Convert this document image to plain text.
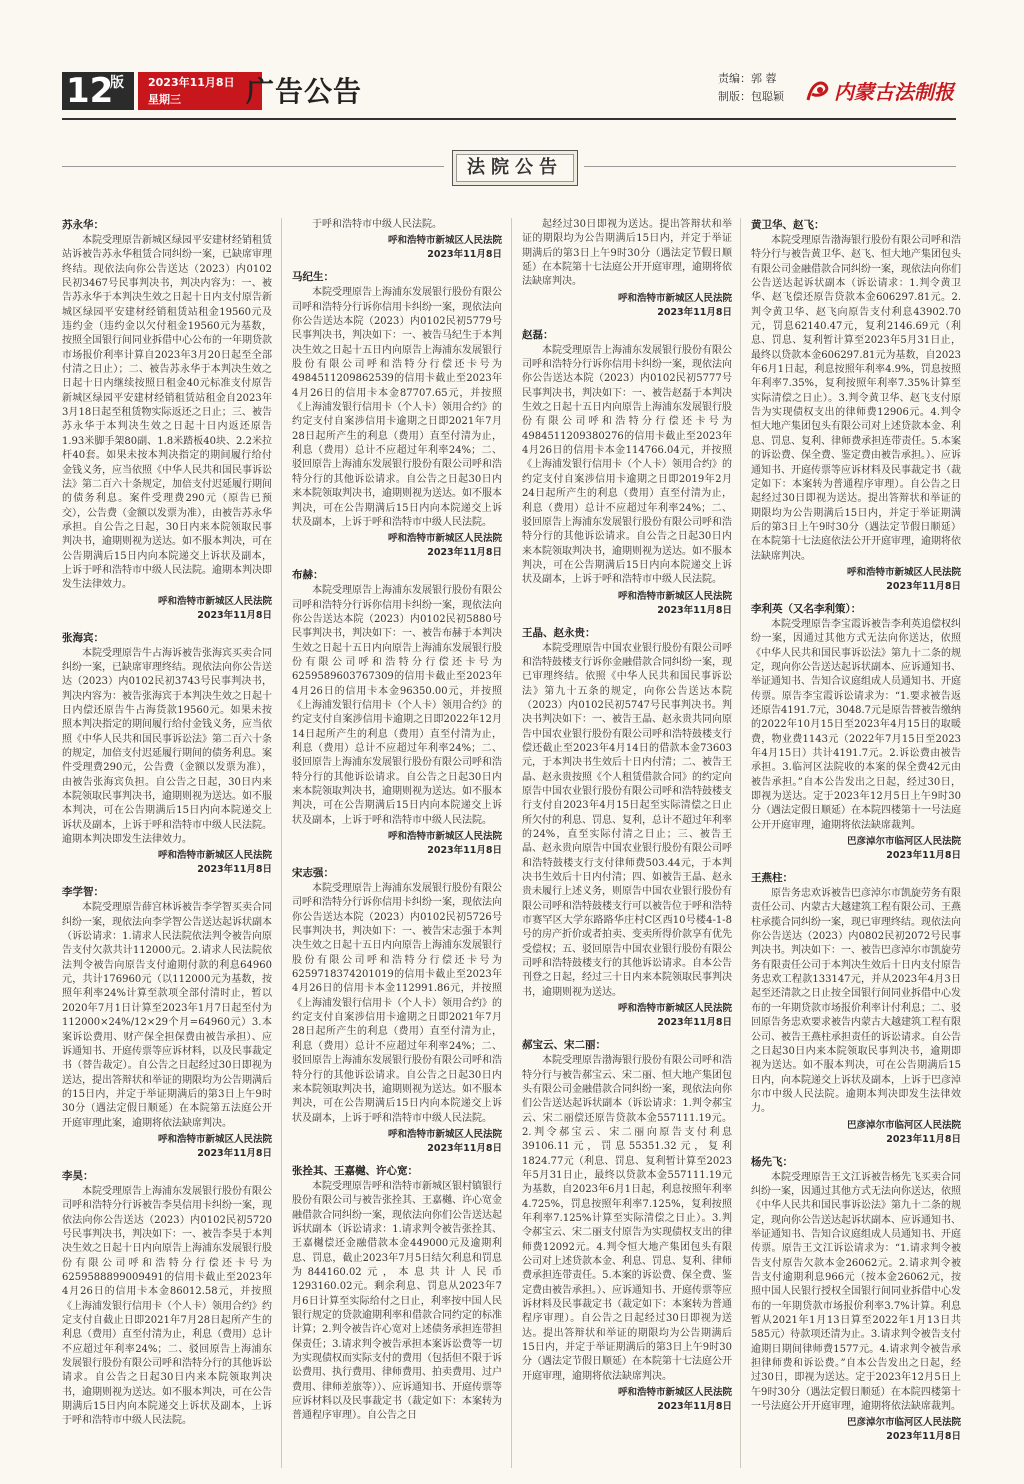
12
版 2023年11月8日
星期三	广告公告	责编：郭 蓉
制版：包聪颖	内蒙古法制报
法院公告

苏永华：

本院受理原告新城区绿园平安建材经销租赁站诉被告苏永华租赁合同纠纷一案，已缺席审理终结。现依法向你公告送达（2023）内0102民初3467号民事判决书，判决内容为：一、被告苏永华于本判决生效之日起十日内支付原告新城区绿园平安建材经销租赁站租金19560元及违约金（违约金以欠付租金19560元为基数，按照全国银行间同业拆借中心公布的一年期贷款市场报价利率计算自2023年3月20日起至全部付清之日止）；二、被告苏永华于本判决生效之日起十日内继续按照日租金40元标准支付原告新城区绿园平安建材经销租赁站租金自2023年3月18日起至租赁物实际返还之日止；三、被告苏永华于本判决生效之日起十日内返还原告1.93米脚手架80副、1.8米踏板40块、2.2米拉杆40套。如果未按本判决指定的期间履行给付金钱义务，应当依照《中华人民共和国民事诉讼法》第二百六十条规定，加倍支付迟延履行期间的债务利息。案件受理费290元（原告已预交），公告费（金额以发票为准），由被告苏永华承担。自公告之日起，30日内来本院领取民事判决书，逾期则视为送达。如不服本判决，可在公告期满后15日内向本院递交上诉状及副本，上诉于呼和浩特市中级人民法院。逾期本判决即发生法律效力。

呼和浩特市新城区人民法院

2023年11月8日

张海宾：

本院受理原告牛占海诉被告张海宾买卖合同纠纷一案，已缺席审理终结。现依法向你公告送达（2023）内0102民初3743号民事判决书，判决内容为：被告张海宾于本判决生效之日起十日内偿还原告牛占海货款19560元。如果未按照本判决指定的期间履行给付金钱义务，应当依照《中华人民共和国民事诉讼法》第二百六十条的规定，加倍支付迟延履行期间的债务利息。案件受理费290元，公告费（金额以发票为准），由被告张海宾负担。自公告之日起，30日内来本院领取民事判决书，逾期则视为送达。如不服本判决，可在公告期满后15日内向本院递交上诉状及副本，上诉于呼和浩特市中级人民法院。逾期本判决即发生法律效力。

呼和浩特市新城区人民法院

2023年11月8日

李学智：

本院受理原告薛宫林诉被告李学智买卖合同纠纷一案，现依法向李学智公告送达起诉状副本（诉讼请求：1.请求人民法院依法判令被告向原告支付欠款共计112000元。2.请求人民法院依法判令被告向原告支付逾期付款的利息64960元，共计176960元（以112000元为基数，按照年利率24%计算至款项全部付清时止，暂以2020年7月1日计算至2023年1月7日起至付为112000×24%/12×29个月=64960元）3.本案诉讼费用、财产保全担保费由被告承担）、应诉通知书、开庭传票等应诉材料，以及民事裁定书（替告裁定）。自公告之日起经过30日即视为送达，提出答辩状和举证的期限均为公告期满后的15日内，并定于举证期满后的第3日上午9时30分（遇法定假日顺延）在本院第五法庭公开开庭审理此案，逾期将依法缺席判决。

呼和浩特市新城区人民法院

2023年11月8日

李昊：

本院受理原告上海浦东发展银行股份有限公司呼和浩特分行诉被告李昊信用卡纠纷一案，现依法向你公告送达（2023）内0102民初5720号民事判决书，判决如下：一、被告李昊于本判决生效之日起十日内向原告上海浦东发展银行股份有限公司呼和浩特分行偿还卡号为6259588899009491的信用卡截止至2023年4月26日的信用卡本金86012.58元，并按照《上海浦发银行信用卡（个人卡）领用合约》约定支付自截止日即2021年7月28日起所产生的利息（费用）直至付清为止，利息（费用）总计不应超过年利率24%；二、驳回原告上海浦东发展银行股份有限公司呼和浩特分行的其他诉讼请求。自公告之日起30日内来本院领取判决书，逾期则视为送达。如不服本判决，可在公告期满后15日内向本院递交上诉状及副本，上诉于呼和浩特市中级人民法院。

于呼和浩特市中级人民法院。

呼和浩特市新城区人民法院

2023年11月8日

马纪生：

本院受理原告上海浦东发展银行股份有限公司呼和浩特分行诉你信用卡纠纷一案，现依法向你公告送达本院（2023）内0102民初5779号民事判决书，判决如下：一、被告马纪生于本判决生效之日起十五日内向原告上海浦东发展银行股份有限公司呼和浩特分行偿还卡号为4984511209862539的信用卡截止至2023年4月26日的信用卡本金87707.65元，并按照《上海浦发银行信用卡（个人卡）领用合约》的约定支付自案涉信用卡逾期之日即2021年7月28日起所产生的利息（费用）直至付清为止，利息（费用）总计不应超过年利率24%；二、驳回原告上海浦东发展银行股份有限公司呼和浩特分行的其他诉讼请求。自公告之日起30日内来本院领取判决书，逾期则视为送达。如不服本判决，可在公告期满后15日内向本院递交上诉状及副本，上诉于呼和浩特市中级人民法院。

呼和浩特市新城区人民法院

2023年11月8日

布赫：

本院受理原告上海浦东发展银行股份有限公司呼和浩特分行诉你信用卡纠纷一案，现依法向你公告送达本院（2023）内0102民初5880号民事判决书，判决如下：一、被告布赫于本判决生效之日起十五日内向原告上海浦东发展银行股份有限公司呼和浩特分行偿还卡号为6259589603767309的信用卡截止至2023年4月26日的信用卡本金96350.00元，并按照《上海浦发银行信用卡（个人卡）领用合约》的约定支付自案涉信用卡逾期之日即2022年12月14日起所产生的利息（费用）直至付清为止，利息（费用）总计不应超过年利率24%；二、驳回原告上海浦东发展银行股份有限公司呼和浩特分行的其他诉讼请求。自公告之日起30日内来本院领取判决书，逾期则视为送达。如不服本判决，可在公告期满后15日内向本院递交上诉状及副本，上诉于呼和浩特市中级人民法院。

呼和浩特市新城区人民法院

2023年11月8日

宋志强：

本院受理原告上海浦东发展银行股份有限公司呼和浩特分行诉你信用卡纠纷一案，现依法向你公告送达本院（2023）内0102民初5726号民事判决书，判决如下：一、被告宋志强于本判决生效之日起十五日内向原告上海浦东发展银行股份有限公司呼和浩特分行偿还卡号为6259718374201019的信用卡截止至2023年4月26日的信用卡本金112991.86元，并按照《上海浦发银行信用卡（个人卡）领用合约》的约定支付自案涉信用卡逾期之日即2021年7月28日起所产生的利息（费用）直至付清为止，利息（费用）总计不应超过年利率24%；二、驳回原告上海浦东发展银行股份有限公司呼和浩特分行的其他诉讼请求。自公告之日起30日内来本院领取判决书，逾期则视为送达。如不服本判决，可在公告期满后15日内向本院递交上诉状及副本，上诉于呼和浩特市中级人民法院。

呼和浩特市新城区人民法院

2023年11月8日

张拴其、王嘉樾、许心宽：

本院受理原告呼和浩特市新城区银村镇银行股份有限公司与被告张拴其、王嘉樾、许心宽金融借款合同纠纷一案，现依法向你们公告送达起诉状副本（诉讼请求：1.请求判令被告张拴其、王嘉樾偿还金融借款本金449000元及逾期利息、罚息，截止2023年7月5日结欠利息和罚息为844160.02元，本息共计人民币1293160.02元。剩余利息、罚息从2023年7月6日计算至实际给付之日止，利率按中国人民银行规定的贷款逾期利率和借款合同约定的标准计算；2.判令被告许心宽对上述债务承担连带担保责任；3.请求判令被告承担本案诉讼费等一切为实现债权而实际支付的费用（包括但不限于诉讼费用、执行费用、律师费用、拍卖费用、过户费用、律师差旅等））、应诉通知书、开庭传票等应诉材料以及民事裁定书（裁定如下：本案转为普通程序审理）。自公告之日

起经过30日即视为送达。提出答辩状和举证的期限均为公告期满后15日内，并定于举证期满后的第3日上午9时30分（遇法定节假日顺延）在本院第十七法庭公开开庭审理，逾期将依法缺席判决。

呼和浩特市新城区人民法院

2023年11月8日

赵磊：

本院受理原告上海浦东发展银行股份有限公司呼和浩特分行诉你信用卡纠纷一案，现依法向你公告送达本院（2023）内0102民初5777号民事判决书，判决如下：一、被告赵磊于本判决生效之日起十五日内向原告上海浦东发展银行股份有限公司呼和浩特分行偿还卡号为4984511209380276的信用卡截止至2023年4月26日的信用卡本金114766.04元，并按照《上海浦发银行信用卡（个人卡）领用合约》的约定支付自案涉信用卡逾期之日即2019年2月24日起所产生的利息（费用）直至付清为止，利息（费用）总计不应超过年利率24%；二、驳回原告上海浦东发展银行股份有限公司呼和浩特分行的其他诉讼请求。自公告之日起30日内来本院领取判决书，逾期则视为送达。如不服本判决，可在公告期满后15日内向本院递交上诉状及副本，上诉于呼和浩特市中级人民法院。

呼和浩特市新城区人民法院

2023年11月8日

王晶、赵永贵：

本院受理原告中国农业银行股份有限公司呼和浩特鼓楼支行诉你金融借款合同纠纷一案，现已审理终结。依照《中华人民共和国民事诉讼法》第九十五条的规定，向你公告送达本院（2023）内0102民初5747号民事判决书。判决书判决如下：一、被告王晶、赵永贵共同向原告中国农业银行股份有限公司呼和浩特鼓楼支行偿还截止至2023年4月14日的借款本金73603元，于本判决书生效后十日内付清；二、被告王晶、赵永贵按照《个人租赁借款合同》的约定向原告中国农业银行股份有限公司呼和浩特鼓楼支行支付自2023年4月15日起至实际清偿之日止所欠付的利息、罚息、复利，总计不超过年利率的24%，直至实际付清之日止；三、被告王晶、赵永贵向原告中国农业银行股份有限公司呼和浩特鼓楼支行支付律师费503.44元，于本判决书生效后十日内付清；四、如被告王晶、赵永贵未履行上述义务，则原告中国农业银行股份有限公司呼和浩特鼓楼支行可以被告位于呼和浩特市赛罕区大学东路路华庄村C区西10号楼4-1-8号的房产折价或者拍卖、变卖所得价款享有优先受偿权；五、驳回原告中国农业银行股份有限公司呼和浩特鼓楼支行的其他诉讼请求。自本公告刊登之日起，经过三十日内来本院领取民事判决书，逾期则视为送达。

呼和浩特市新城区人民法院

2023年11月8日

郝宝云、宋二丽：

本院受理原告渤海银行股份有限公司呼和浩特分行与被告郝宝云、宋二丽、恒大地产集团包头有限公司金融借款合同纠纷一案，现依法向你们公告送达起诉状副本（诉讼请求：1.判令郝宝云、宋二丽偿还原告贷款本金557111.19元。2.判令郝宝云、宋二丽向原告支付利息39106.11元，罚息55351.32元，复利1824.77元（利息、罚息、复利暂计算至2023年5月31日止，最终以贷款本金557111.19元为基数，自2023年6月1日起，利息按照年利率4.725%，罚息按照年利率7.125%，复利按照年利率7.125%计算至实际清偿之日止）。3.判令郝宝云、宋二丽支付原告为实现债权支出的律师费12092元。4.判令恒大地产集团包头有限公司对上述贷款本金、利息、罚息、复利、律师费承担连带责任。5.本案的诉讼费、保全费、鉴定费由被告承担。）、应诉通知书、开庭传票等应诉材料及民事裁定书（裁定如下：本案转为普通程序审理）。自公告之日起经过30日即视为送达。提出答辩状和举证的期限均为公告期满后15日内，并定于举证期满后的第3日上午9时30分（遇法定节假日顺延）在本院第十七法庭公开开庭审理，逾期将依法缺席判决。

呼和浩特市新城区人民法院

2023年11月8日

黄卫华、赵飞：

本院受理原告渤海银行股份有限公司呼和浩特分行与被告黄卫华、赵飞、恒大地产集团包头有限公司金融借款合同纠纷一案，现依法向你们公告送达起诉状副本（诉讼请求：1.判令黄卫华、赵飞偿还原告贷款本金606297.81元。2.判令黄卫华、赵飞向原告支付利息43902.70元，罚息62140.47元，复利2146.69元（利息、罚息、复利暂计算至2023年5月31日止，最终以贷款本金606297.81元为基数，自2023年6月1日起，利息按照年利率4.9%，罚息按照年利率7.35%，复利按照年利率7.35%计算至实际清偿之日止）。3.判令黄卫华、赵飞支付原告为实现债权支出的律师费12906元。4.判令恒大地产集团包头有限公司对上述贷款本金、利息、罚息、复利、律师费承担连带责任。5.本案的诉讼费、保全费、鉴定费由被告承担。）、应诉通知书、开庭传票等应诉材料及民事裁定书（裁定如下：本案转为普通程序审理）。自公告之日起经过30日即视为送达。提出答辩状和举证的期限均为公告期满后15日内，并定于举证期满后的第3日上午9时30分（遇法定节假日顺延）在本院第十七法庭依法公开开庭审理，逾期将依法缺席判决。

呼和浩特市新城区人民法院

2023年11月8日

李利英（又名李利策）：

本院受理原告李宝霞诉被告李利英追偿权纠纷一案，因通过其他方式无法向你送达，依照《中华人民共和国民事诉讼法》第九十二条的规定，现向你公告送达起诉状副本、应诉通知书、举证通知书、告知合议庭组成人员通知书、开庭传票。原告李宝霞诉讼请求为：“1.要求被告返还原告4191.7元，3048.7元是原告替被告缴纳的2022年10月15日至2023年4月15日的取暖费，物业费1143元（2022年7月15日至2023年4月15日）共计4191.7元。2.诉讼费由被告承担。3.临河区法院收的本案的保全费42元由被告承担。”自本公告发出之日起，经过30日，即视为送达。定于2023年12月5日上午9时30分（遇法定假日顺延）在本院四楼第十一号法庭公开开庭审理，逾期将依法缺席裁判。

巴彦淖尔市临河区人民法院

2023年11月8日

王燕柱：

原告务忠欢诉被告巴彦淖尔市凯旋劳务有限责任公司、内蒙古大越建筑工程有限公司、王燕柱承揽合同纠纷一案，现已审理终结。现依法向你公告送达（2023）内0802民初2072号民事判决书。判决如下：一、被告巴彦淖尔市凯旋劳务有限责任公司于本判决生效后十日内支付原告务忠欢工程款133147元，并从2023年4月3日起至还清款之日止按全国银行间同业拆借中心发布的一年期贷款市场报价利率计付利息；二、驳回原告务忠欢要求被告内蒙古大越建筑工程有限公司、被告王燕柱承担责任的诉讼请求。自公告之日起30日内来本院领取民事判决书，逾期即视为送达。如不服本判决，可在公告期满后15日内，向本院递交上诉状及副本，上诉于巴彦淖尔市中级人民法院。逾期本判决即发生法律效力。

巴彦淖尔市临河区人民法院

2023年11月8日

杨先飞：

本院受理原告王文江诉被告杨先飞买卖合同纠纷一案，因通过其他方式无法向你送达，依照《中华人民共和国民事诉讼法》第九十二条的规定，现向你公告送达起诉状副本、应诉通知书、举证通知书、告知合议庭组成人员通知书、开庭传票。原告王文江诉讼请求为：“1.请求判令被告支付原告欠款本金26062元。2.请求判令被告支付逾期利息966元（按本金26062元，按照中国人民银行授权全国银行间同业拆借中心发布的一年期贷款市场报价利率3.7%计算。利息暂从2021年1月13日算至2022年1月13日共585元）待款项还清为止。3.请求判令被告支付逾期日期间律师费1577元。4.请求判令被告承担律师费和诉讼费。”自本公告发出之日起，经过30日，即视为送达。定于2023年12月5日上午9时30分（遇法定假日顺延）在本院四楼第十一号法庭公开开庭审理，逾期将依法缺席裁判。

巴彦淖尔市临河区人民法院

2023年11月8日
